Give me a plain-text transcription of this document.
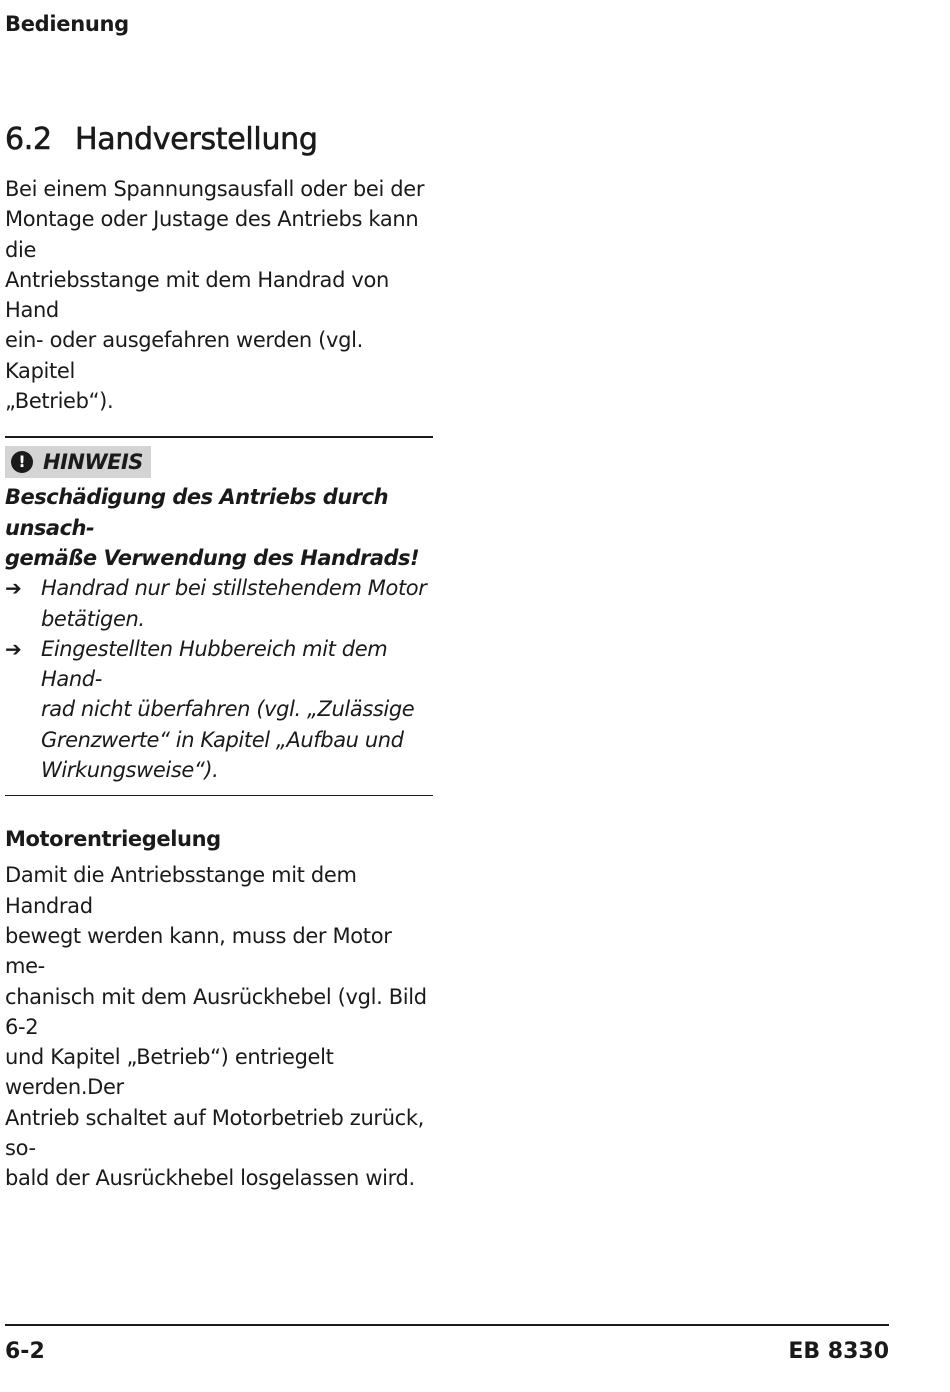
Bedienung
6.2 Handverstellung

Bei einem Spannungsausfall oder bei der
Montage oder Justage des Antriebs kann die
Antriebsstange mit dem Handrad von Hand
ein- oder ausgefahren werden (vgl. Kapitel
„Betrieb“).

! HINWEIS

Beschädigung des Antriebs durch unsach-
gemäße Verwendung des Handrads!

➔ Handrad nur bei stillstehendem Motor
betätigen.
➔ Eingestellten Hubbereich mit dem Hand-
rad nicht überfahren (vgl. „Zulässige
Grenzwerte“ in Kapitel „Aufbau und
Wirkungsweise“).
Motorentriegelung

Damit die Antriebsstange mit dem Handrad
bewegt werden kann, muss der Motor me-
chanisch mit dem Ausrückhebel (vgl. Bild 6-2
und Kapitel „Betrieb“) entriegelt werden.Der
Antrieb schaltet auf Motorbetrieb zurück, so-
bald der Ausrückhebel losgelassen wird.

6-2	EB 8330
